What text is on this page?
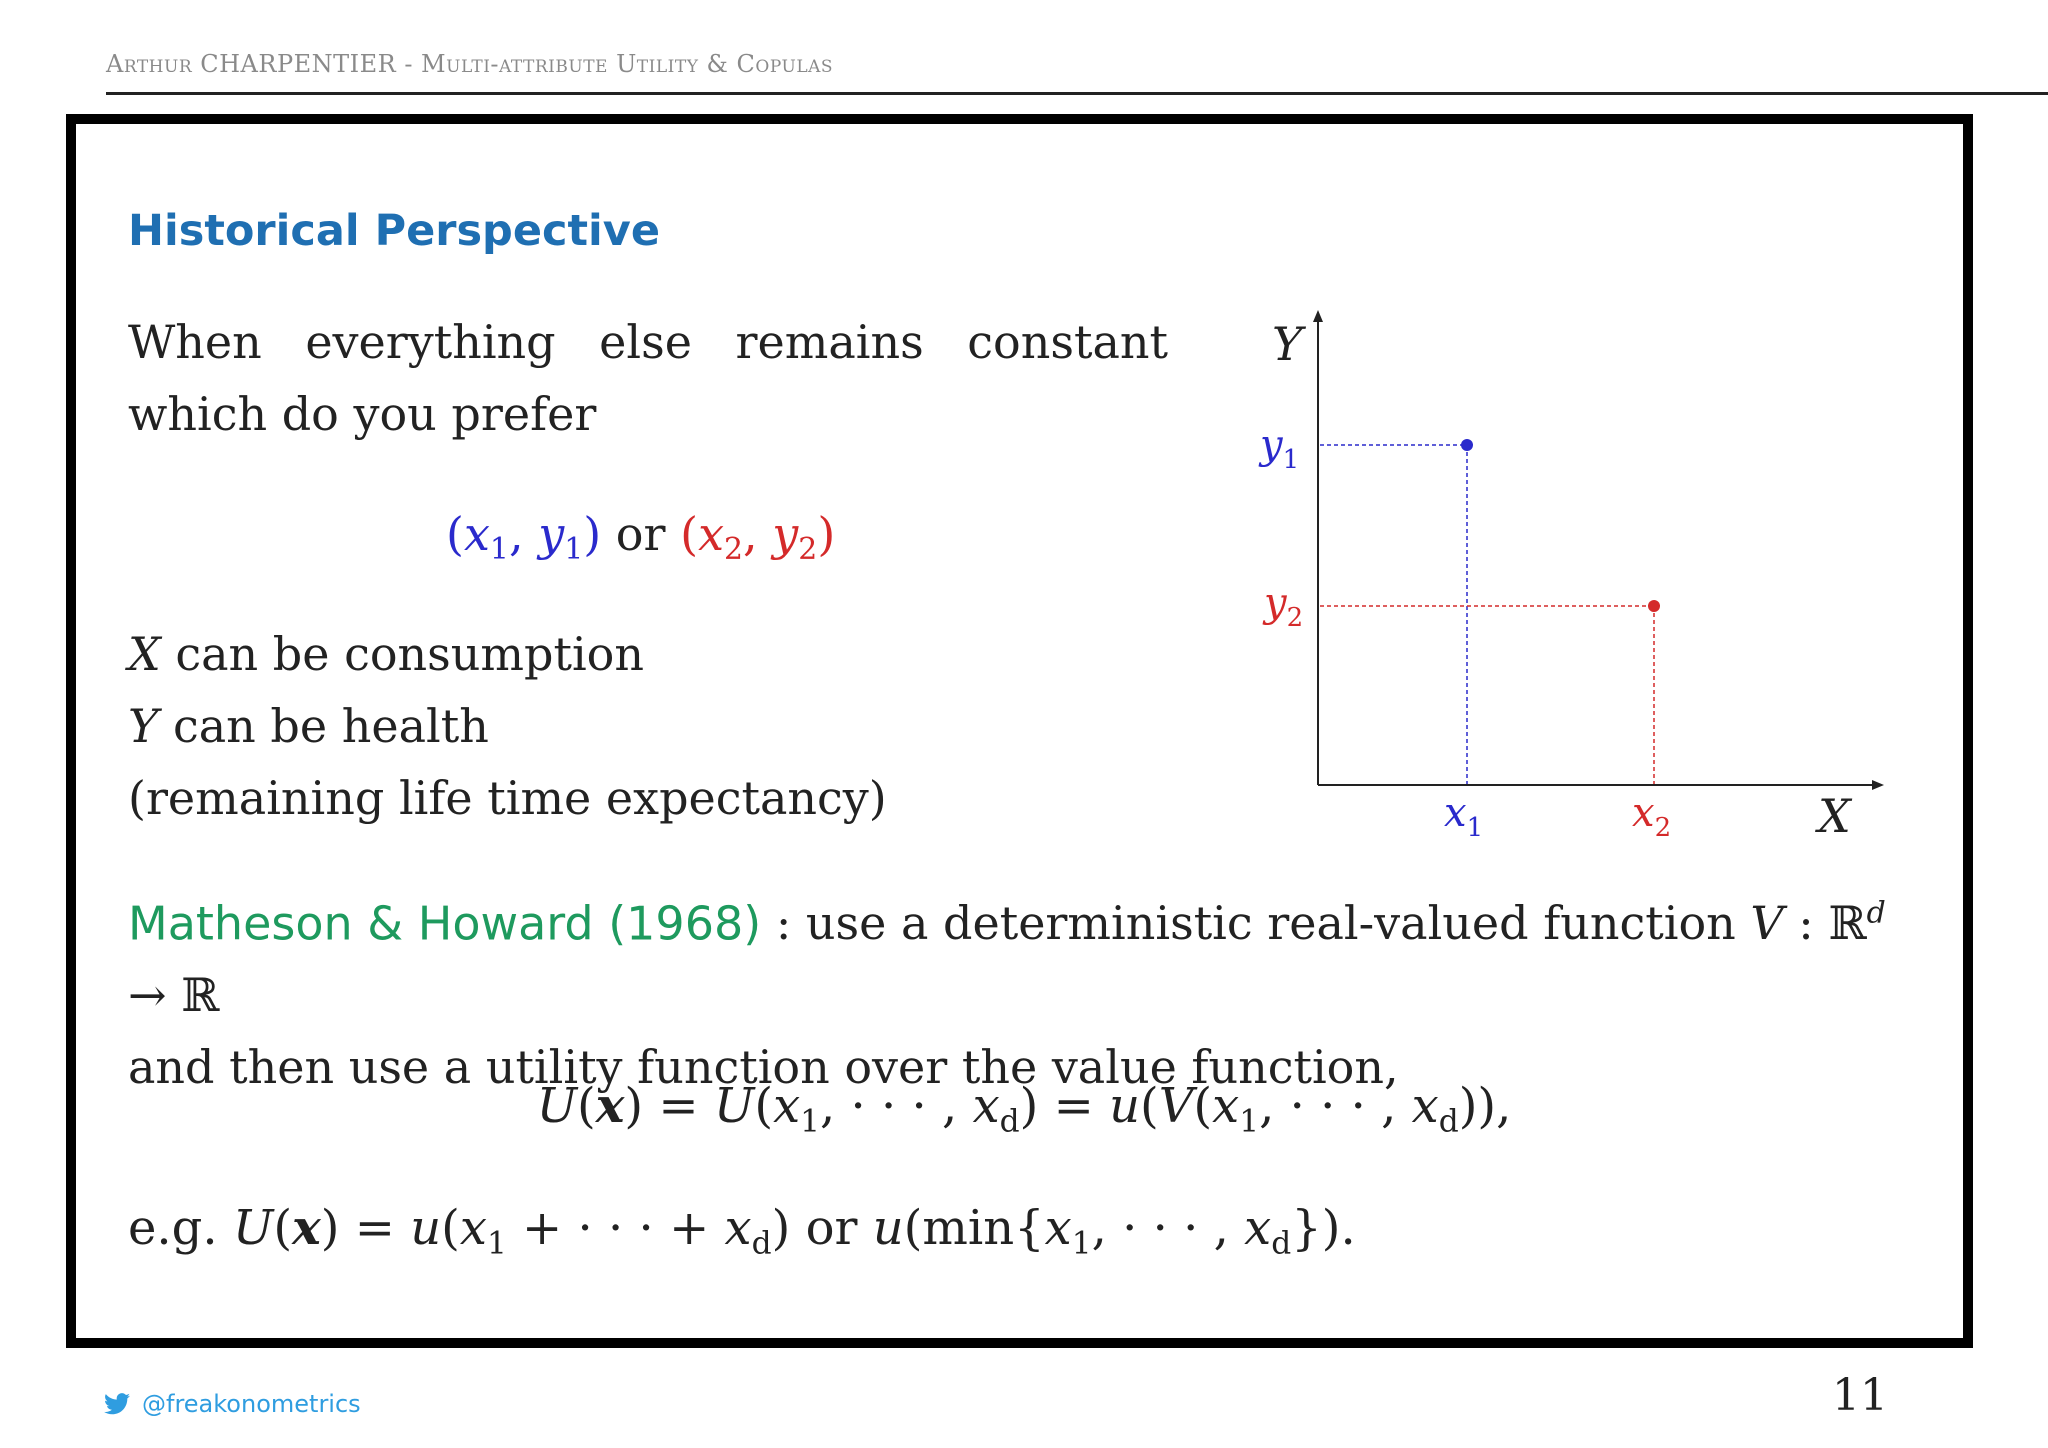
Arthur CHARPENTIER - Multi-attribute Utility & Copulas
Historical Perspective
When everything else remains constant which do you prefer
($x_1$, $y_1$) or ($x_2$, $y_2$)
X can be consumption
Y can be health
(remaining life time expectancy)
Y
X
$y_1$
$y_2$
$x_1$	$x_2$
Matheson & Howard (1968) : use a deterministic real-valued function V : ℝ$^d$ → ℝ
and then use a utility function over the value function,
$U(x) = U(x_1$, · · · , $x_d) = u(V(x_1$, · · · , $x_d$)),
e.g. $U(x) = u(x_1$ + · · · + $x_d$) or $u(\min\{x_1$, · · · , $x_d$}).
@freakonometrics	11
